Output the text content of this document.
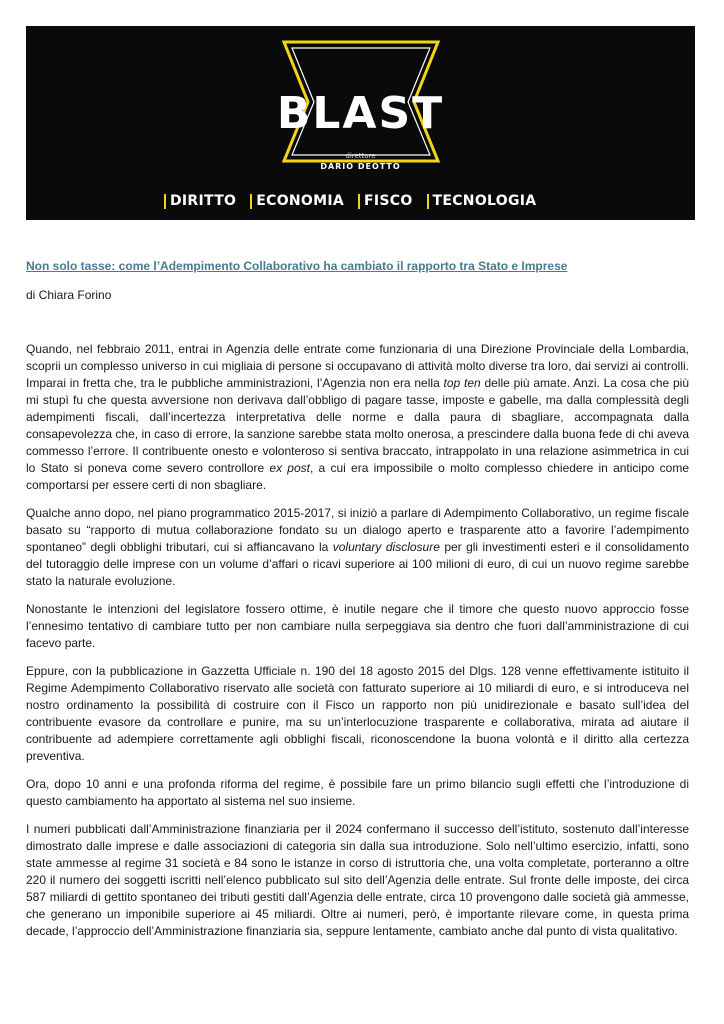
BLAST
direttore
DARIO DEOTTO
DIRITTO ECONOMIA FISCO TECNOLOGIA
Non solo tasse: come l’Adempimento Collaborativo ha cambiato il rapporto tra Stato e Imprese
di Chiara Forino

Quando, nel febbraio 2011, entrai in Agenzia delle entrate come funzionaria di una Direzione Provinciale della Lombardia, scoprii un complesso universo in cui migliaia di persone si occupavano di attività molto diverse tra loro, dai servizi ai controlli. Imparai in fretta che, tra le pubbliche amministrazioni, l’Agenzia non era nella top ten delle più amate. Anzi. La cosa che più mi stupì fu che questa avversione non derivava dall’obbligo di pagare tasse, imposte e gabelle, ma dalla complessità degli adempimenti fiscali, dall’incertezza interpretativa delle norme e dalla paura di sbagliare, accompagnata dalla consapevolezza che, in caso di errore, la sanzione sarebbe stata molto onerosa, a prescindere dalla buona fede di chi aveva commesso l’errore. Il contribuente onesto e volonteroso si sentiva braccato, intrappolato in una relazione asimmetrica in cui lo Stato si poneva come severo controllore ex post, a cui era impossibile o molto complesso chiedere in anticipo come comportarsi per essere certi di non sbagliare.

Qualche anno dopo, nel piano programmatico 2015-2017, si iniziò a parlare di Adempimento Collaborativo, un regime fiscale basato su “rapporto di mutua collaborazione fondato su un dialogo aperto e trasparente atto a favorire l’adempimento spontaneo” degli obblighi tributari, cui si affiancavano la voluntary disclosure per gli investimenti esteri e il consolidamento del tutoraggio delle imprese con un volume d’affari o ricavi superiore ai 100 milioni di euro, di cui un nuovo regime sarebbe stato la naturale evoluzione.

Nonostante le intenzioni del legislatore fossero ottime, è inutile negare che il timore che questo nuovo approccio fosse l’ennesimo tentativo di cambiare tutto per non cambiare nulla serpeggiava sia dentro che fuori dall’amministrazione di cui facevo parte.

Eppure, con la pubblicazione in Gazzetta Ufficiale n. 190 del 18 agosto 2015 del Dlgs. 128 venne effettivamente istituito il Regime Adempimento Collaborativo riservato alle società con fatturato superiore ai 10 miliardi di euro, e si introduceva nel nostro ordinamento la possibilità di costruire con il Fisco un rapporto non più unidirezionale e basato sull’idea del contribuente evasore da controllare e punire, ma su un’interlocuzione trasparente e collaborativa, mirata ad aiutare il contribuente ad adempiere correttamente agli obblighi fiscali, riconoscendone la buona volontà e il diritto alla certezza preventiva.

Ora, dopo 10 anni e una profonda riforma del regime, è possibile fare un primo bilancio sugli effetti che l’introduzione di questo cambiamento ha apportato al sistema nel suo insieme.

I numeri pubblicati dall’Amministrazione finanziaria per il 2024 confermano il successo dell’istituto, sostenuto dall’interesse dimostrato dalle imprese e dalle associazioni di categoria sin dalla sua introduzione. Solo nell’ultimo esercizio, infatti, sono state ammesse al regime 31 società e 84 sono le istanze in corso di istruttoria che, una volta completate, porteranno a oltre 220 il numero dei soggetti iscritti nell’elenco pubblicato sul sito dell’Agenzia delle entrate. Sul fronte delle imposte, dei circa 587 miliardi di gettito spontaneo dei tributi gestiti dall’Agenzia delle entrate, circa 10 provengono dalle società già ammesse, che generano un imponibile superiore ai 45 miliardi. Oltre ai numeri, però, è importante rilevare come, in questa prima decade, l’approccio dell’Amministrazione finanziaria sia, seppure lentamente, cambiato anche dal punto di vista qualitativo.
